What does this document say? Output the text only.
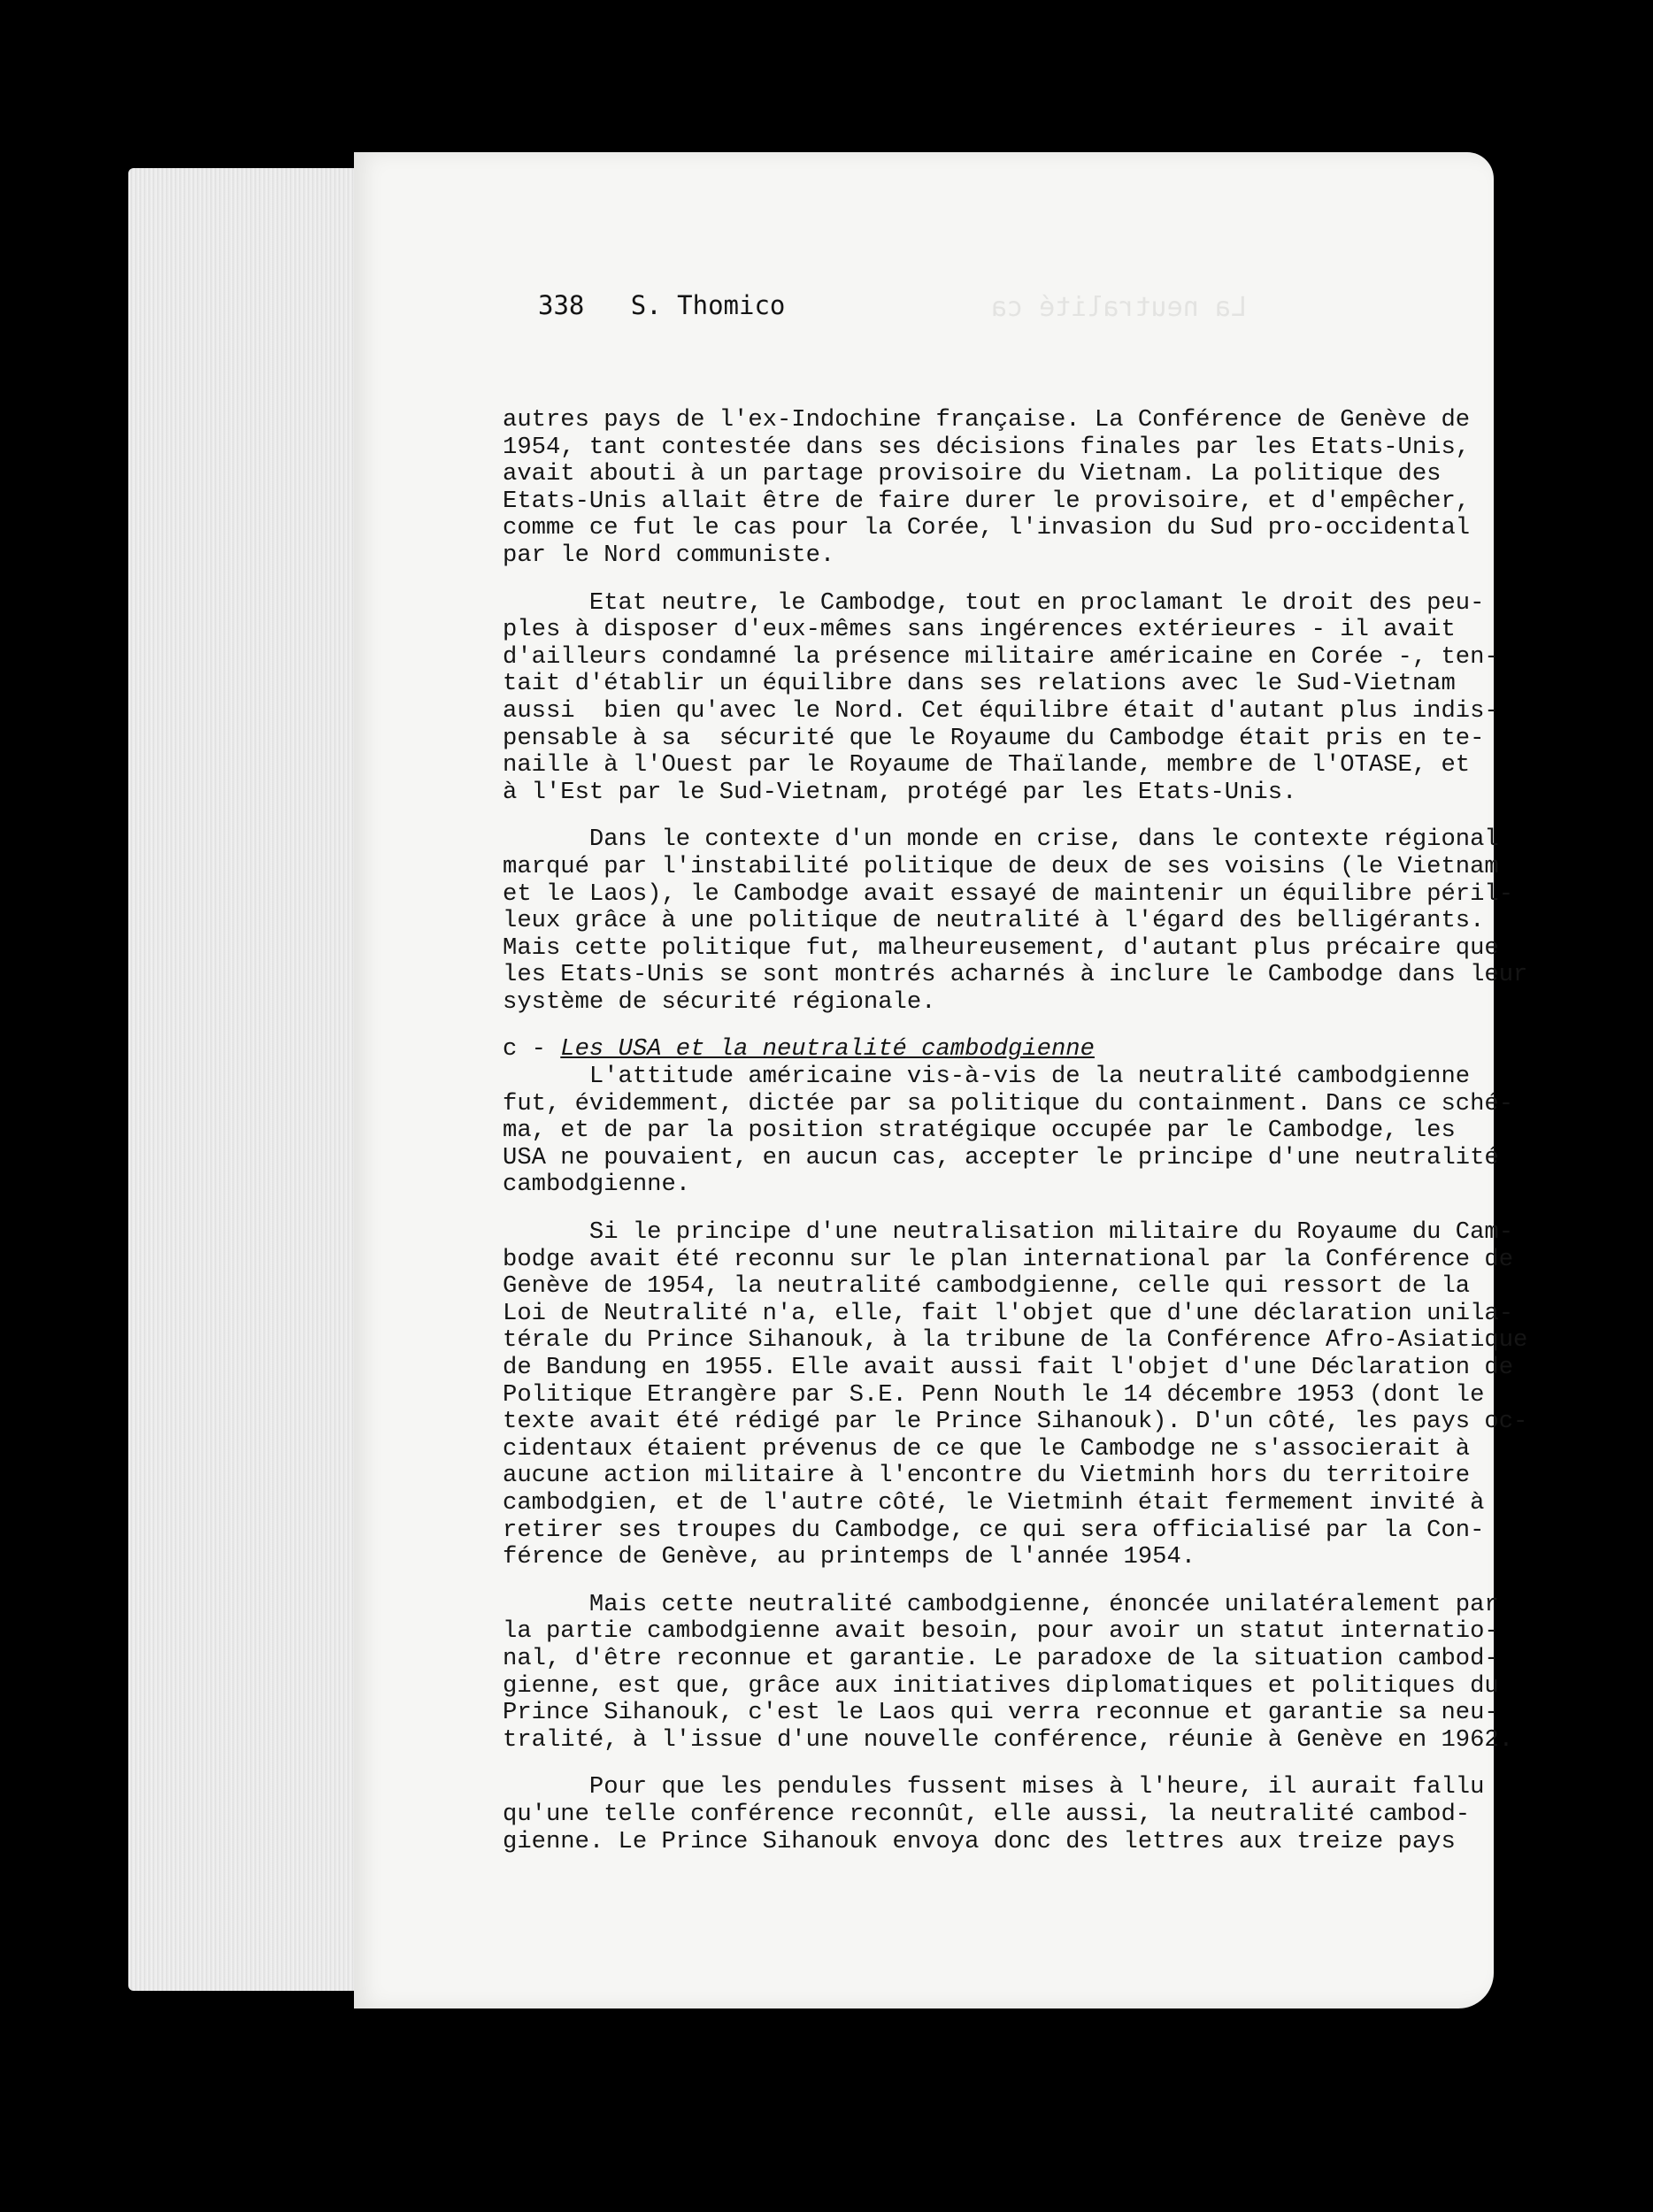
La neutralité ca
338 S. Thomico
autres pays de l'ex-Indochine française. La Conférence de Genève de
1954, tant contestée dans ses décisions finales par les Etats-Unis,
avait abouti à un partage provisoire du Vietnam. La politique des
Etats-Unis allait être de faire durer le provisoire, et d'empêcher,
comme ce fut le cas pour la Corée, l'invasion du Sud pro-occidental
par le Nord communiste.
Etat neutre, le Cambodge, tout en proclamant le droit des peu-
ples à disposer d'eux-mêmes sans ingérences extérieures - il avait
d'ailleurs condamné la présence militaire américaine en Corée -, ten-
tait d'établir un équilibre dans ses relations avec le Sud-Vietnam
aussi  bien qu'avec le Nord. Cet équilibre était d'autant plus indis-
pensable à sa  sécurité que le Royaume du Cambodge était pris en te-
naille à l'Ouest par le Royaume de Thaïlande, membre de l'OTASE, et
à l'Est par le Sud-Vietnam, protégé par les Etats-Unis.
Dans le contexte d'un monde en crise, dans le contexte régional
marqué par l'instabilité politique de deux de ses voisins (le Vietnam
et le Laos), le Cambodge avait essayé de maintenir un équilibre péril-
leux grâce à une politique de neutralité à l'égard des belligérants.
Mais cette politique fut, malheureusement, d'autant plus précaire que
les Etats-Unis se sont montrés acharnés à inclure le Cambodge dans leur
système de sécurité régionale.
c - Les USA et la neutralité cambodgienne
L'attitude américaine vis-à-vis de la neutralité cambodgienne
fut, évidemment, dictée par sa politique du containment. Dans ce sché-
ma, et de par la position stratégique occupée par le Cambodge, les
USA ne pouvaient, en aucun cas, accepter le principe d'une neutralité
cambodgienne.
Si le principe d'une neutralisation militaire du Royaume du Cam-
bodge avait été reconnu sur le plan international par la Conférence de
Genève de 1954, la neutralité cambodgienne, celle qui ressort de la
Loi de Neutralité n'a, elle, fait l'objet que d'une déclaration unila-
térale du Prince Sihanouk, à la tribune de la Conférence Afro-Asiatique
de Bandung en 1955. Elle avait aussi fait l'objet d'une Déclaration de
Politique Etrangère par S.E. Penn Nouth le 14 décembre 1953 (dont le
texte avait été rédigé par le Prince Sihanouk). D'un côté, les pays oc-
cidentaux étaient prévenus de ce que le Cambodge ne s'associerait à
aucune action militaire à l'encontre du Vietminh hors du territoire
cambodgien, et de l'autre côté, le Vietminh était fermement invité à
retirer ses troupes du Cambodge, ce qui sera officialisé par la Con-
férence de Genève, au printemps de l'année 1954.
Mais cette neutralité cambodgienne, énoncée unilatéralement par
la partie cambodgienne avait besoin, pour avoir un statut internatio-
nal, d'être reconnue et garantie. Le paradoxe de la situation cambod-
gienne, est que, grâce aux initiatives diplomatiques et politiques du
Prince Sihanouk, c'est le Laos qui verra reconnue et garantie sa neu-
tralité, à l'issue d'une nouvelle conférence, réunie à Genève en 1962.
Pour que les pendules fussent mises à l'heure, il aurait fallu
qu'une telle conférence reconnût, elle aussi, la neutralité cambod-
gienne. Le Prince Sihanouk envoya donc des lettres aux treize pays
